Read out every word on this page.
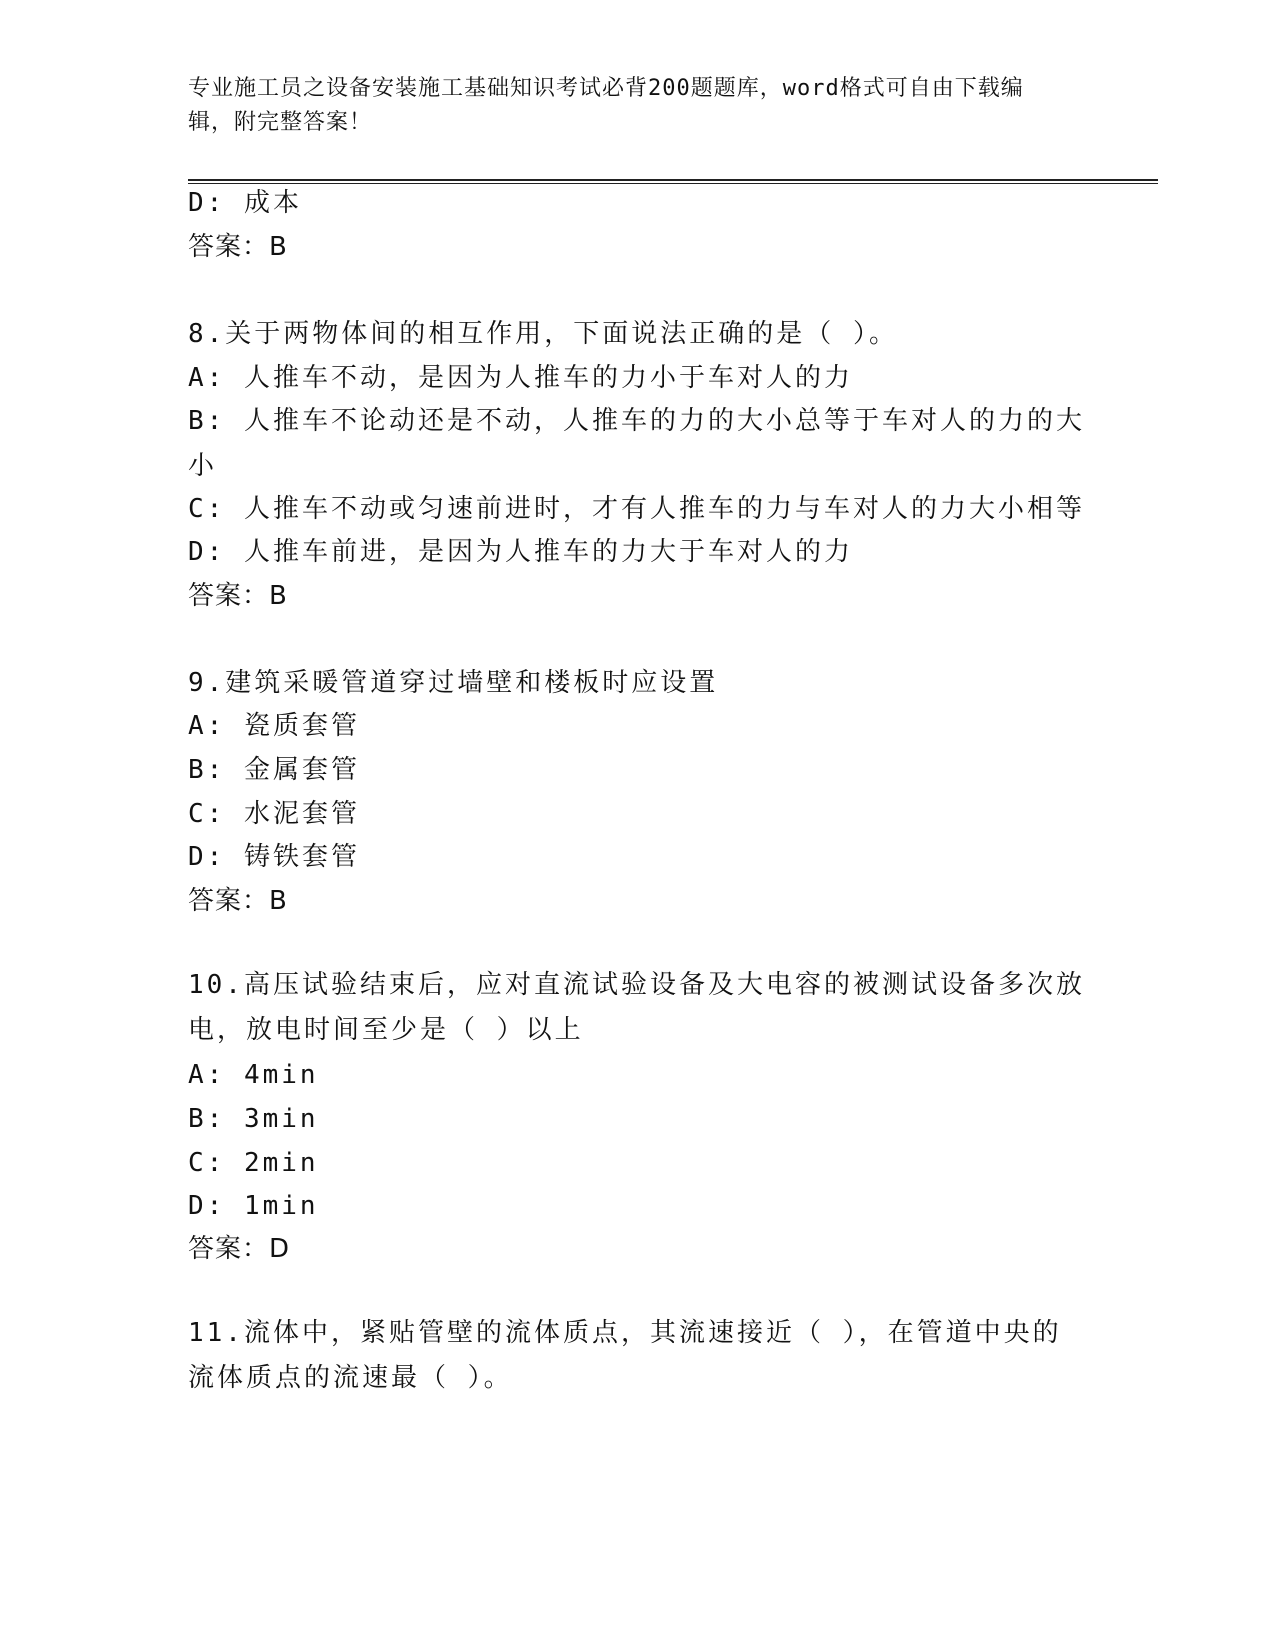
专业施工员之设备安装施工基础知识考试必背200题题库，word格式可自由下载编辑，附完整答案！
D: 成本
答案：B
8.关于两物体间的相互作用，下面说法正确的是（ ）。
A: 人推车不动，是因为人推车的力小于车对人的力
B: 人推车不论动还是不动，人推车的力的大小总等于车对人的力的大小
C: 人推车不动或匀速前进时，才有人推车的力与车对人的力大小相等
D: 人推车前进，是因为人推车的力大于车对人的力
答案：B
9.建筑采暖管道穿过墙壁和楼板时应设置
A: 瓷质套管
B: 金属套管
C: 水泥套管
D: 铸铁套管
答案：B
10.高压试验结束后，应对直流试验设备及大电容的被测试设备多次放电，放电时间至少是（ ）以上
A: 4min
B: 3min
C: 2min
D: 1min
答案：D
11.流体中，紧贴管壁的流体质点，其流速接近（ ），在管道中央的流体质点的流速最（ ）。
